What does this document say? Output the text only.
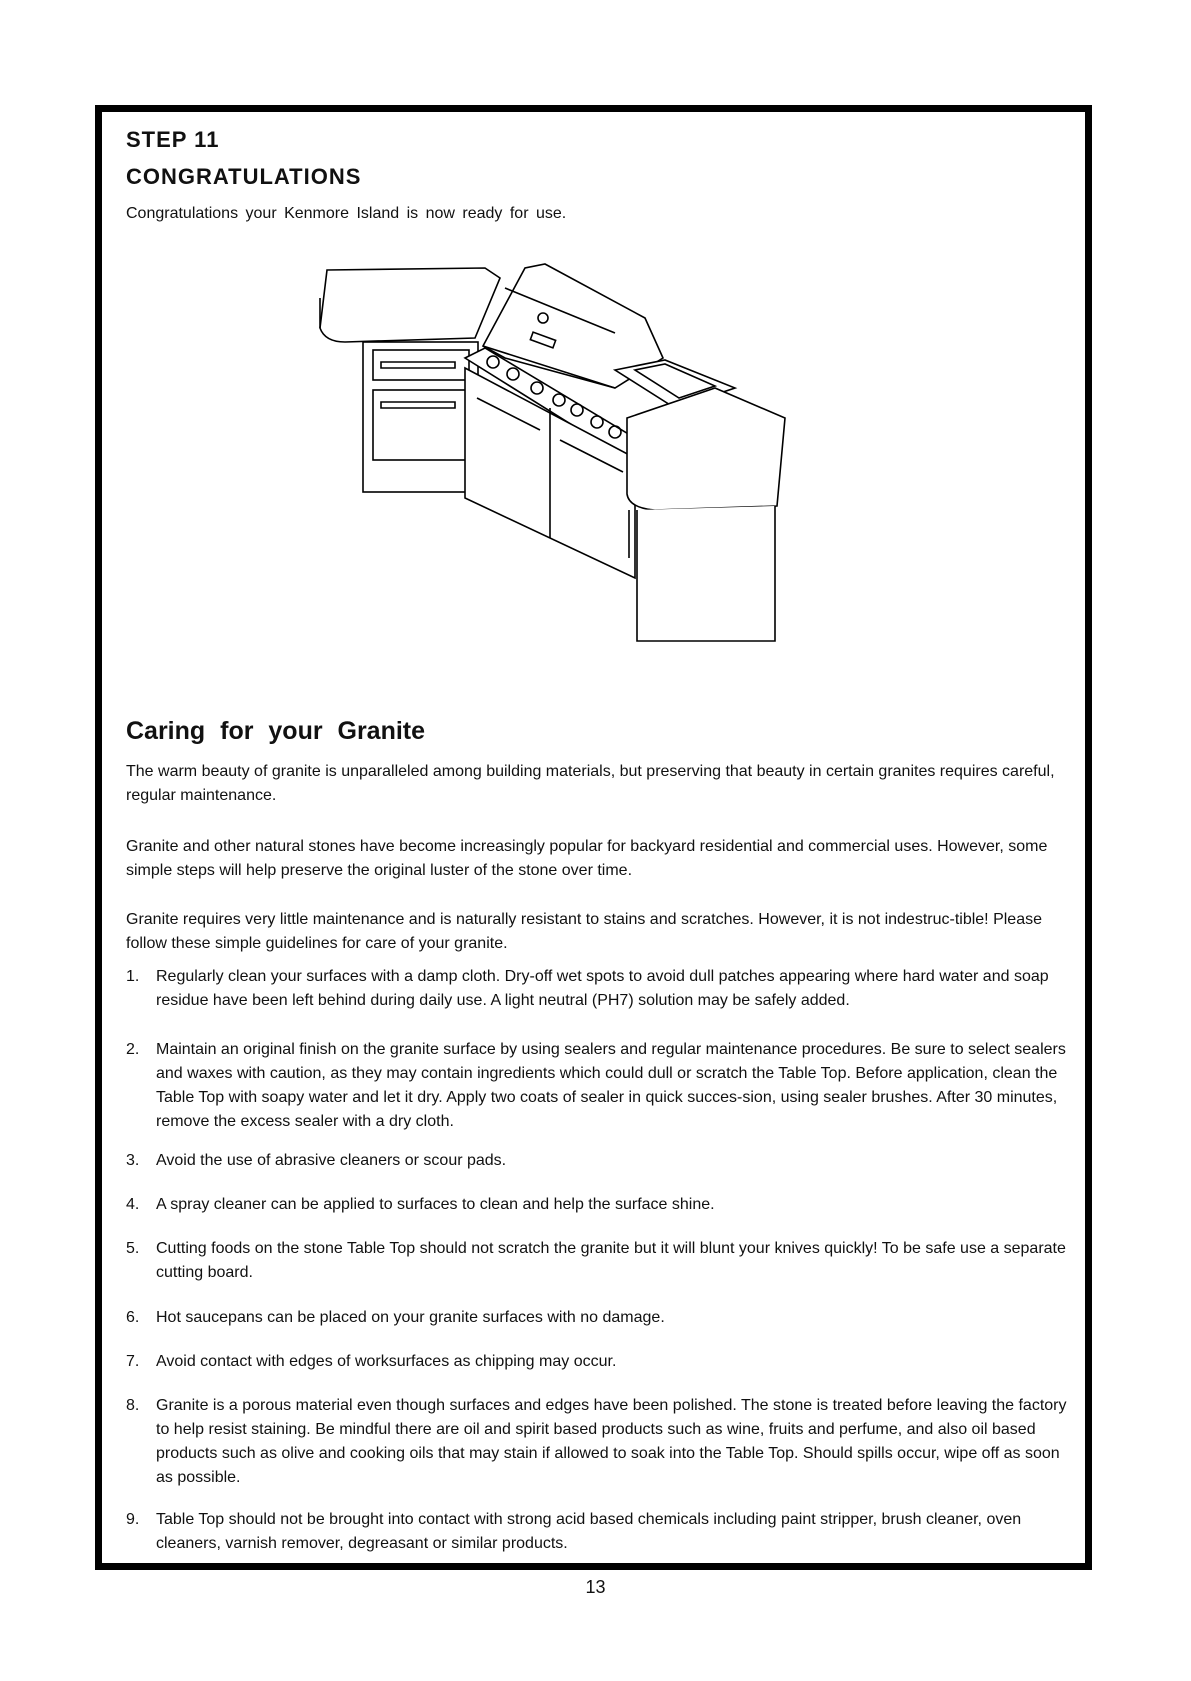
STEP 11
CONGRATULATIONS
Congratulations your Kenmore Island is now ready for use.
Caring for your Granite
The warm beauty of granite is unparalleled among building materials, but preserving that beauty in certain granites requires careful, regular maintenance.
Granite and other natural stones have become increasingly popular for backyard residential and commercial uses. However, some simple steps will help preserve the original luster of the stone over time.
Granite requires very little maintenance and is naturally resistant to stains and scratches. However, it is not indestruc-tible! Please follow these simple guidelines for care of your granite.
1. Regularly clean your surfaces with a damp cloth. Dry-off wet spots to avoid dull patches appearing where hard water and soap residue have been left behind during daily use. A light neutral (PH7) solution may be safely added.
2. Maintain an original finish on the granite surface by using sealers and regular maintenance procedures. Be sure to select sealers and waxes with caution, as they may contain ingredients which could dull or scratch the Table Top. Before application, clean the Table Top with soapy water and let it dry. Apply two coats of sealer in quick succes-sion, using sealer brushes. After 30 minutes, remove the excess sealer with a dry cloth.
3. Avoid the use of abrasive cleaners or scour pads.
4. A spray cleaner can be applied to surfaces to clean and help the surface shine.
5. Cutting foods on the stone Table Top should not scratch the granite but it will blunt your knives quickly! To be safe use a separate cutting board.
6. Hot saucepans can be placed on your granite surfaces with no damage.
7. Avoid contact with edges of worksurfaces as chipping may occur.
8. Granite is a porous material even though surfaces and edges have been polished. The stone is treated before leaving the factory to help resist staining. Be mindful there are oil and spirit based products such as wine, fruits and perfume, and also oil based products such as olive and cooking oils that may stain if allowed to soak into the Table Top. Should spills occur, wipe off as soon as possible.
9. Table Top should not be brought into contact with strong acid based chemicals including paint stripper, brush cleaner, oven cleaners, varnish remover, degreasant or similar products.
13
